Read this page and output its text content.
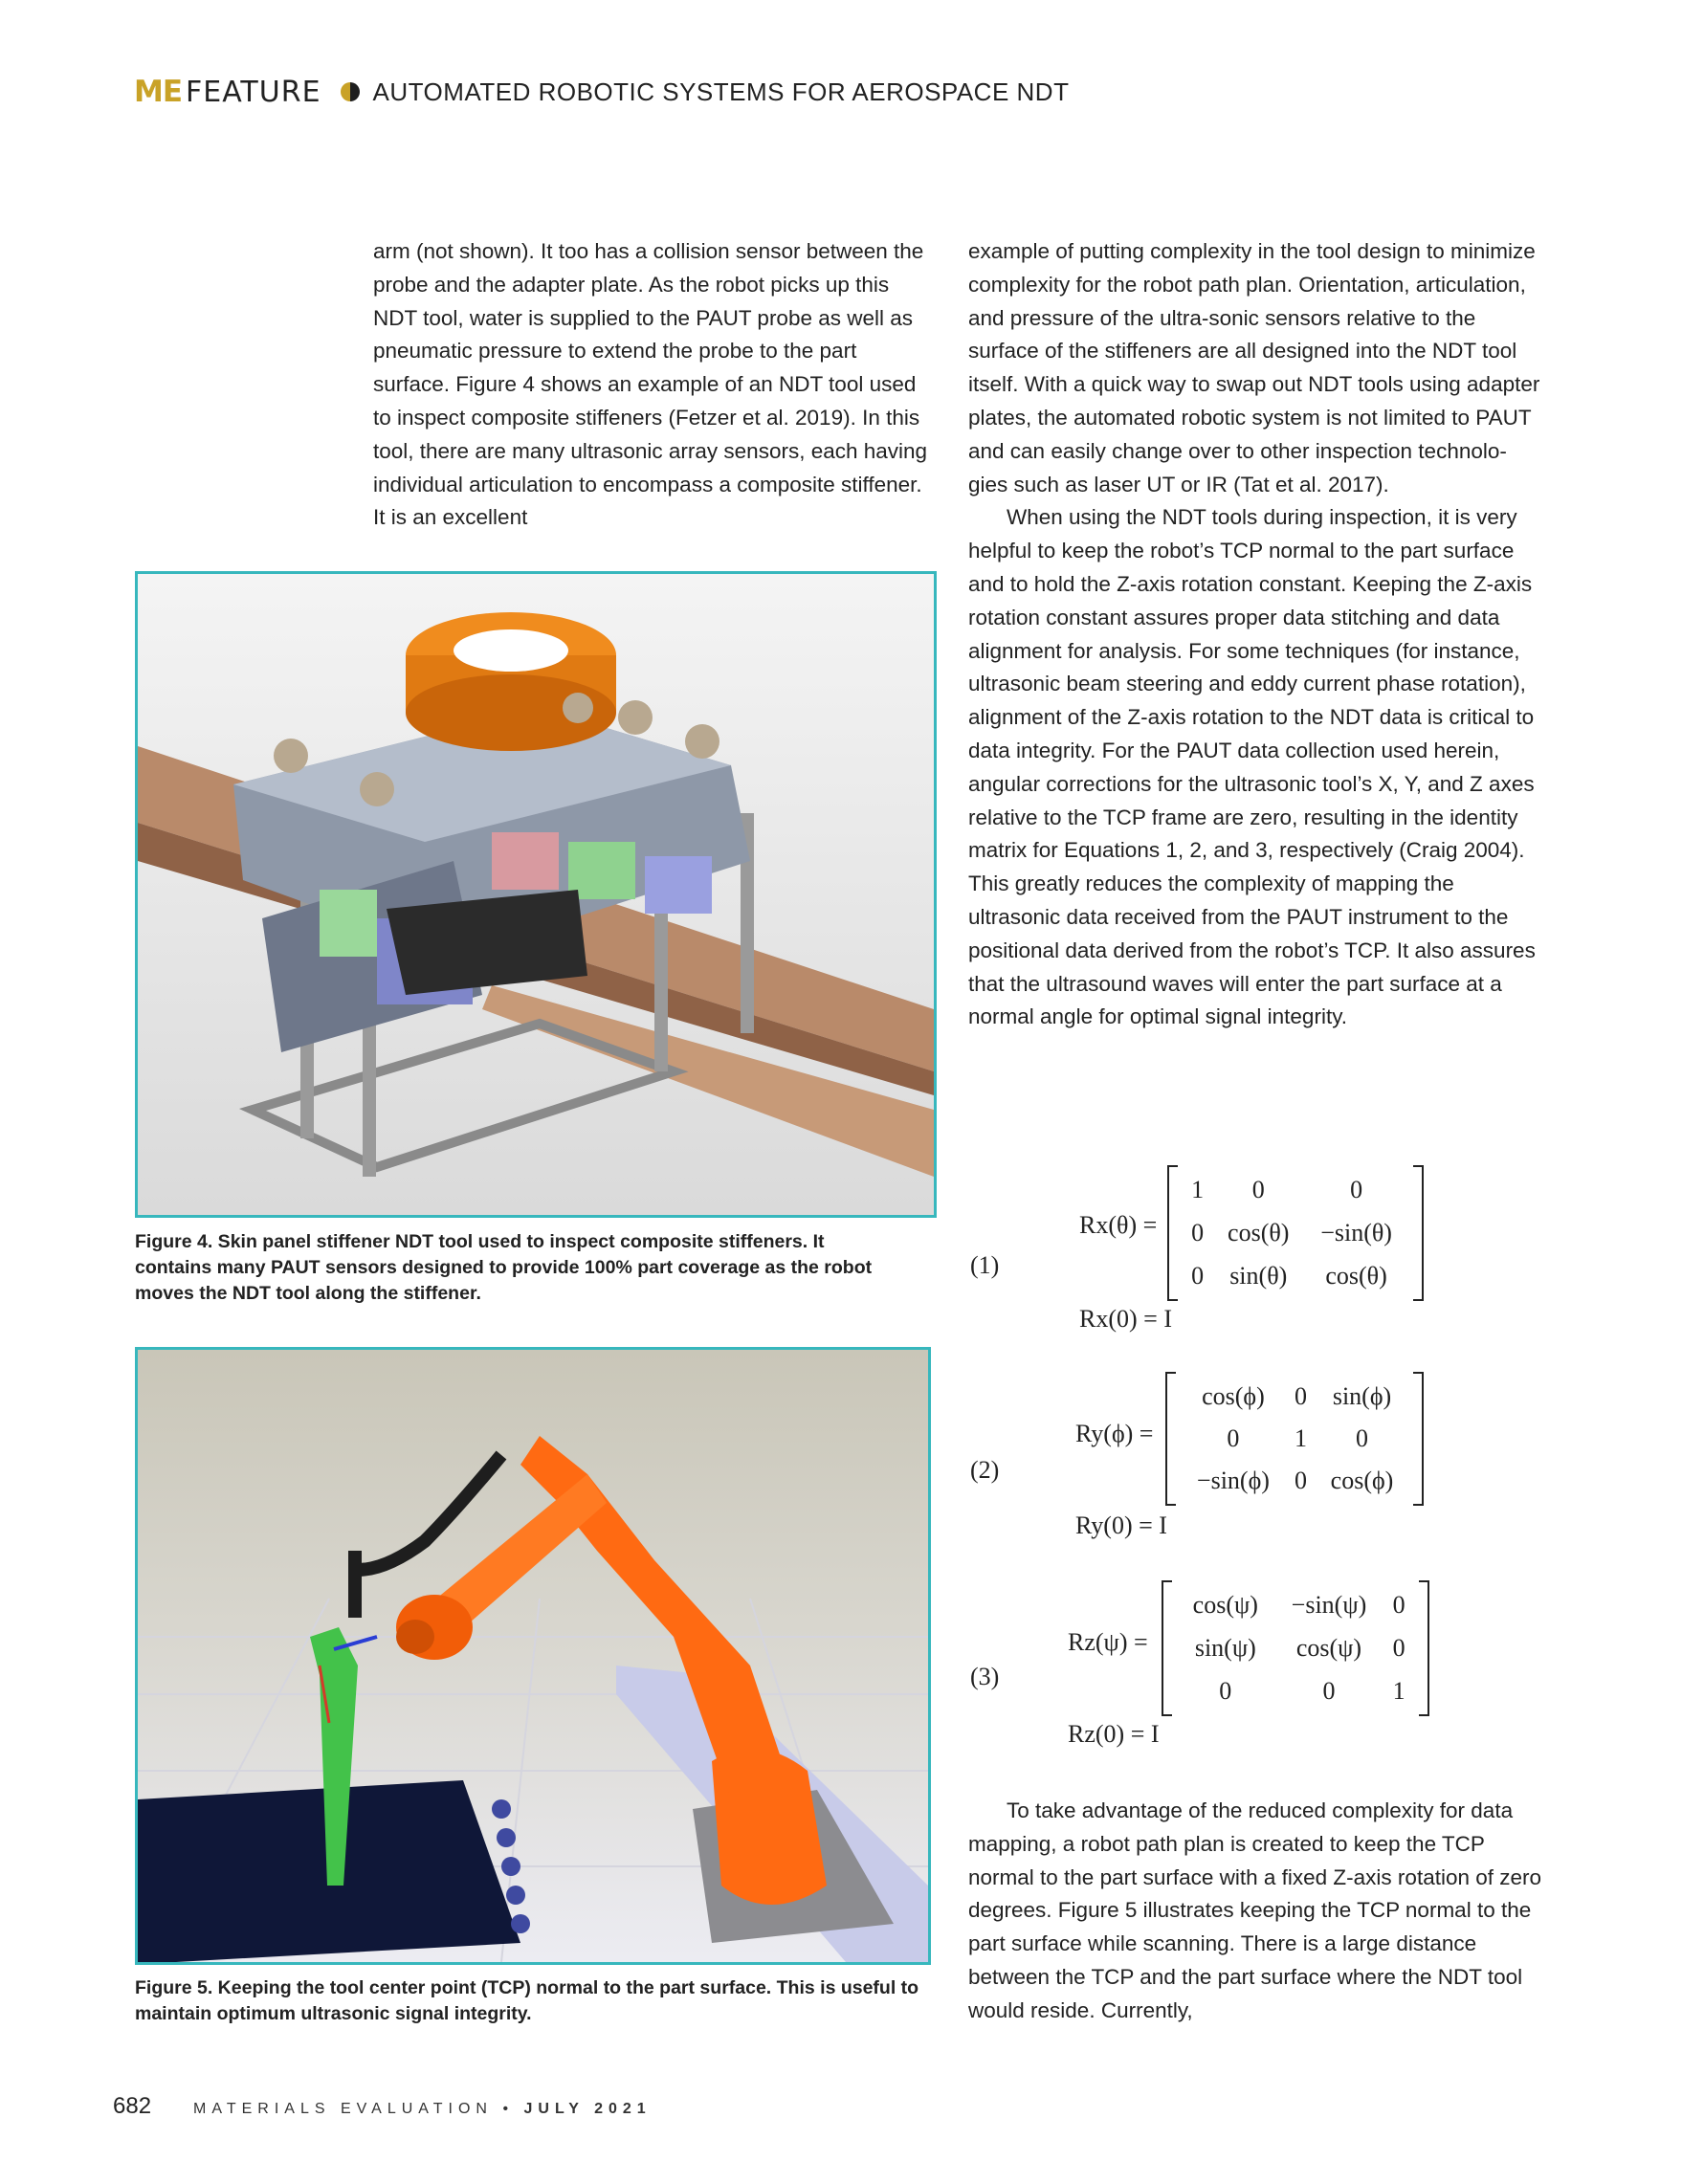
ME FEATURE AUTOMATED ROBOTIC SYSTEMS FOR AEROSPACE NDT

arm (not shown). It too has a collision sensor between the probe and the adapter plate. As the robot picks up this NDT tool, water is supplied to the PAUT probe as well as pneumatic pressure to extend the probe to the part surface. Figure 4 shows an example of an NDT tool used to inspect composite stiffeners (Fetzer et al. 2019). In this tool, there are many ultrasonic array sensors, each having individual articulation to encompass a composite stiffener. It is an excellent

example of putting complexity in the tool design to minimize complexity for the robot path plan. Orientation, articulation, and pressure of the ultra-sonic sensors relative to the surface of the stiffeners are all designed into the NDT tool itself. With a quick way to swap out NDT tools using adapter plates, the automated robotic system is not limited to PAUT and can easily change over to other inspection technolo-gies such as laser UT or IR (Tat et al. 2017).

When using the NDT tools during inspection, it is very helpful to keep the robot’s TCP normal to the part surface and to hold the Z-axis rotation constant. Keeping the Z-axis rotation constant assures proper data stitching and data alignment for analysis. For some techniques (for instance, ultrasonic beam steering and eddy current phase rotation), alignment of the Z-axis rotation to the NDT data is critical to data integrity. For the PAUT data collection used herein, angular corrections for the ultrasonic tool’s X, Y, and Z axes relative to the TCP frame are zero, resulting in the identity matrix for Equations 1, 2, and 3, respectively (Craig 2004). This greatly reduces the complexity of mapping the ultrasonic data received from the PAUT instrument to the positional data derived from the robot’s TCP. It also assures that the ultrasound waves will enter the part surface at a normal angle for optimal signal integrity.

Figure 4. Skin panel stiffener NDT tool used to inspect composite stiffeners. It contains many PAUT sensors designed to provide 100% part coverage as the robot moves the NDT tool along the stiffener.
Figure 5. Keeping the tool center point (TCP) normal to the part surface. This is useful to maintain optimum ultrasonic signal integrity.
(1)
Rx(θ) =
1	0	0
0	cos(θ)	−sin(θ)
0	sin(θ)	cos(θ)
Rx(0) = I
(2)
Ry(ϕ) =
cos(ϕ)	0	sin(ϕ)
0	1	0
−sin(ϕ)	0	cos(ϕ)
Ry(0) = I
(3)
Rz(ψ) =
cos(ψ)	−sin(ψ)	0
sin(ψ)	cos(ψ)	0
0	0	1
Rz(0) = I

To take advantage of the reduced complexity for data mapping, a robot path plan is created to keep the TCP normal to the part surface with a fixed Z-axis rotation of zero degrees. Figure 5 illustrates keeping the TCP normal to the part surface while scanning. There is a large distance between the TCP and the part surface where the NDT tool would reside. Currently,

682	MATERIALS EVALUATION • JULY 2021
